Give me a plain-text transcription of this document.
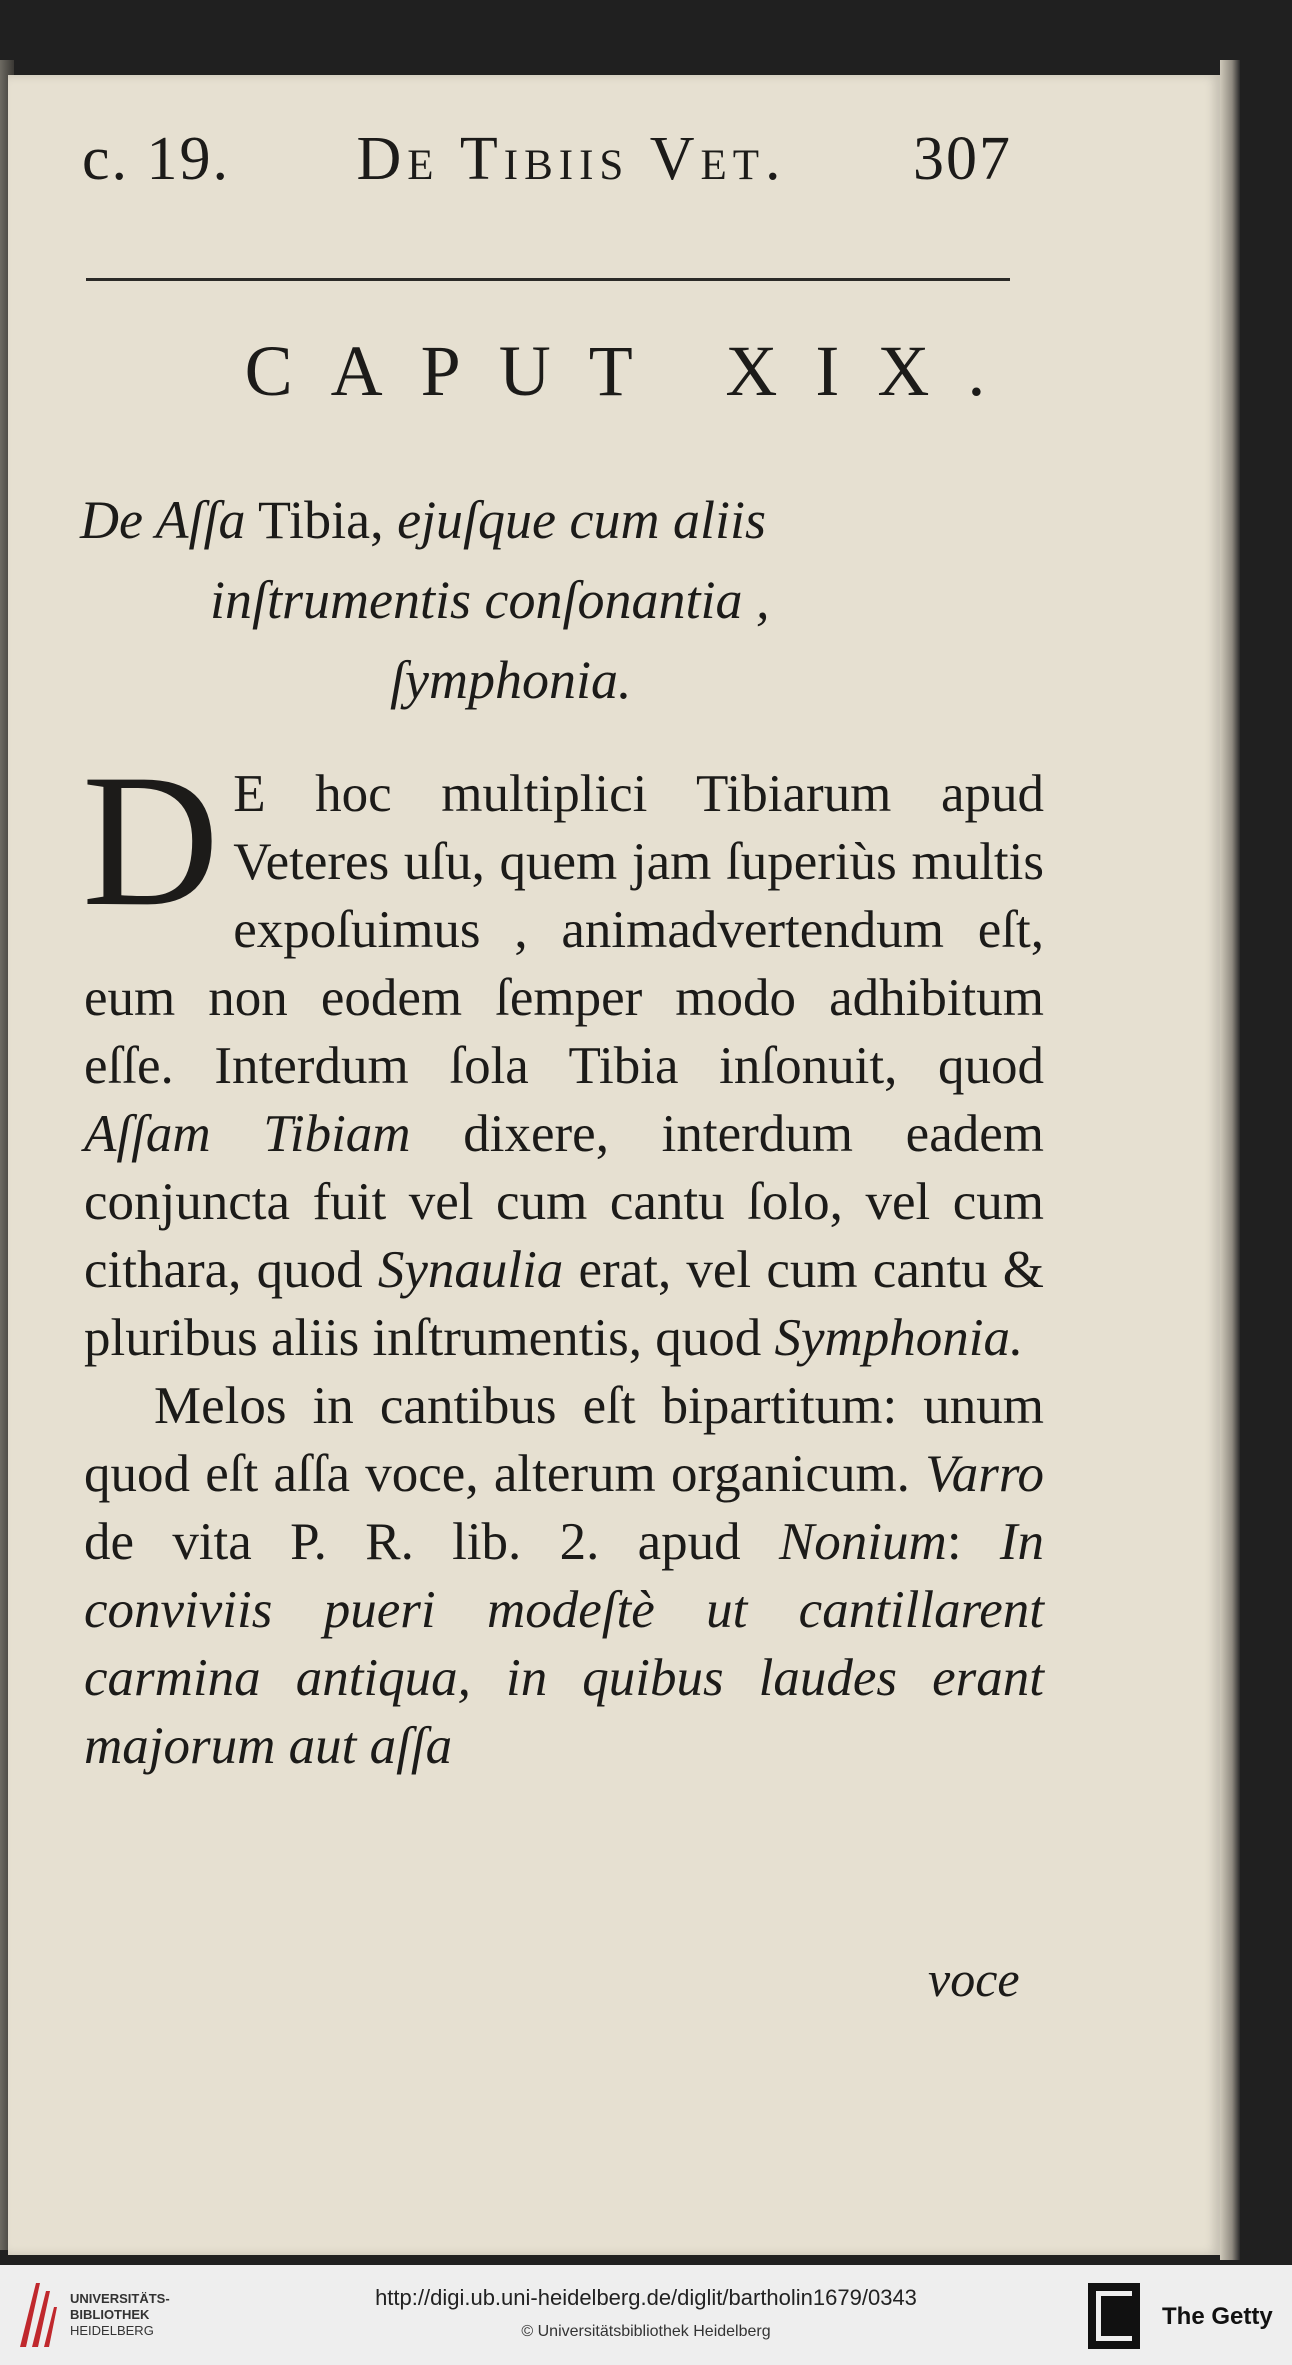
c. 19. De Tibiis Vet. 307
CAPUT XIX.
De Aſſa Tibia, ejuſque cum aliis
inſtrumentis conſonantia ,
ſymphonia.

D E hoc multiplici Tibiarum apud Veteres uſu, quem jam ſuperiùs multis expoſuimus , animadvertendum eſt, eum non eodem ſemper modo adhibitum eſſe. Interdum ſola Tibia inſonuit, quod Aſſam Tibiam dixere, interdum eadem conjuncta fuit vel cum cantu ſolo, vel cum cithara, quod Synaulia erat, vel cum cantu & pluribus aliis inſtrumentis, quod Symphonia.

Melos in cantibus eſt bipartitum: unum quod eſt aſſa voce, alterum organicum. Varro de vita P. R. lib. 2. apud Nonium: In conviviis pueri modeſtè ut cantillarent carmina antiqua, in quibus laudes erant majorum aut aſſa

voce
UNIVERSITÄTS-
BIBLIOTHEK
HEIDELBERG
http://digi.ub.uni-heidelberg.de/diglit/bartholin1679/0343
© Universitätsbibliothek Heidelberg
The Getty
